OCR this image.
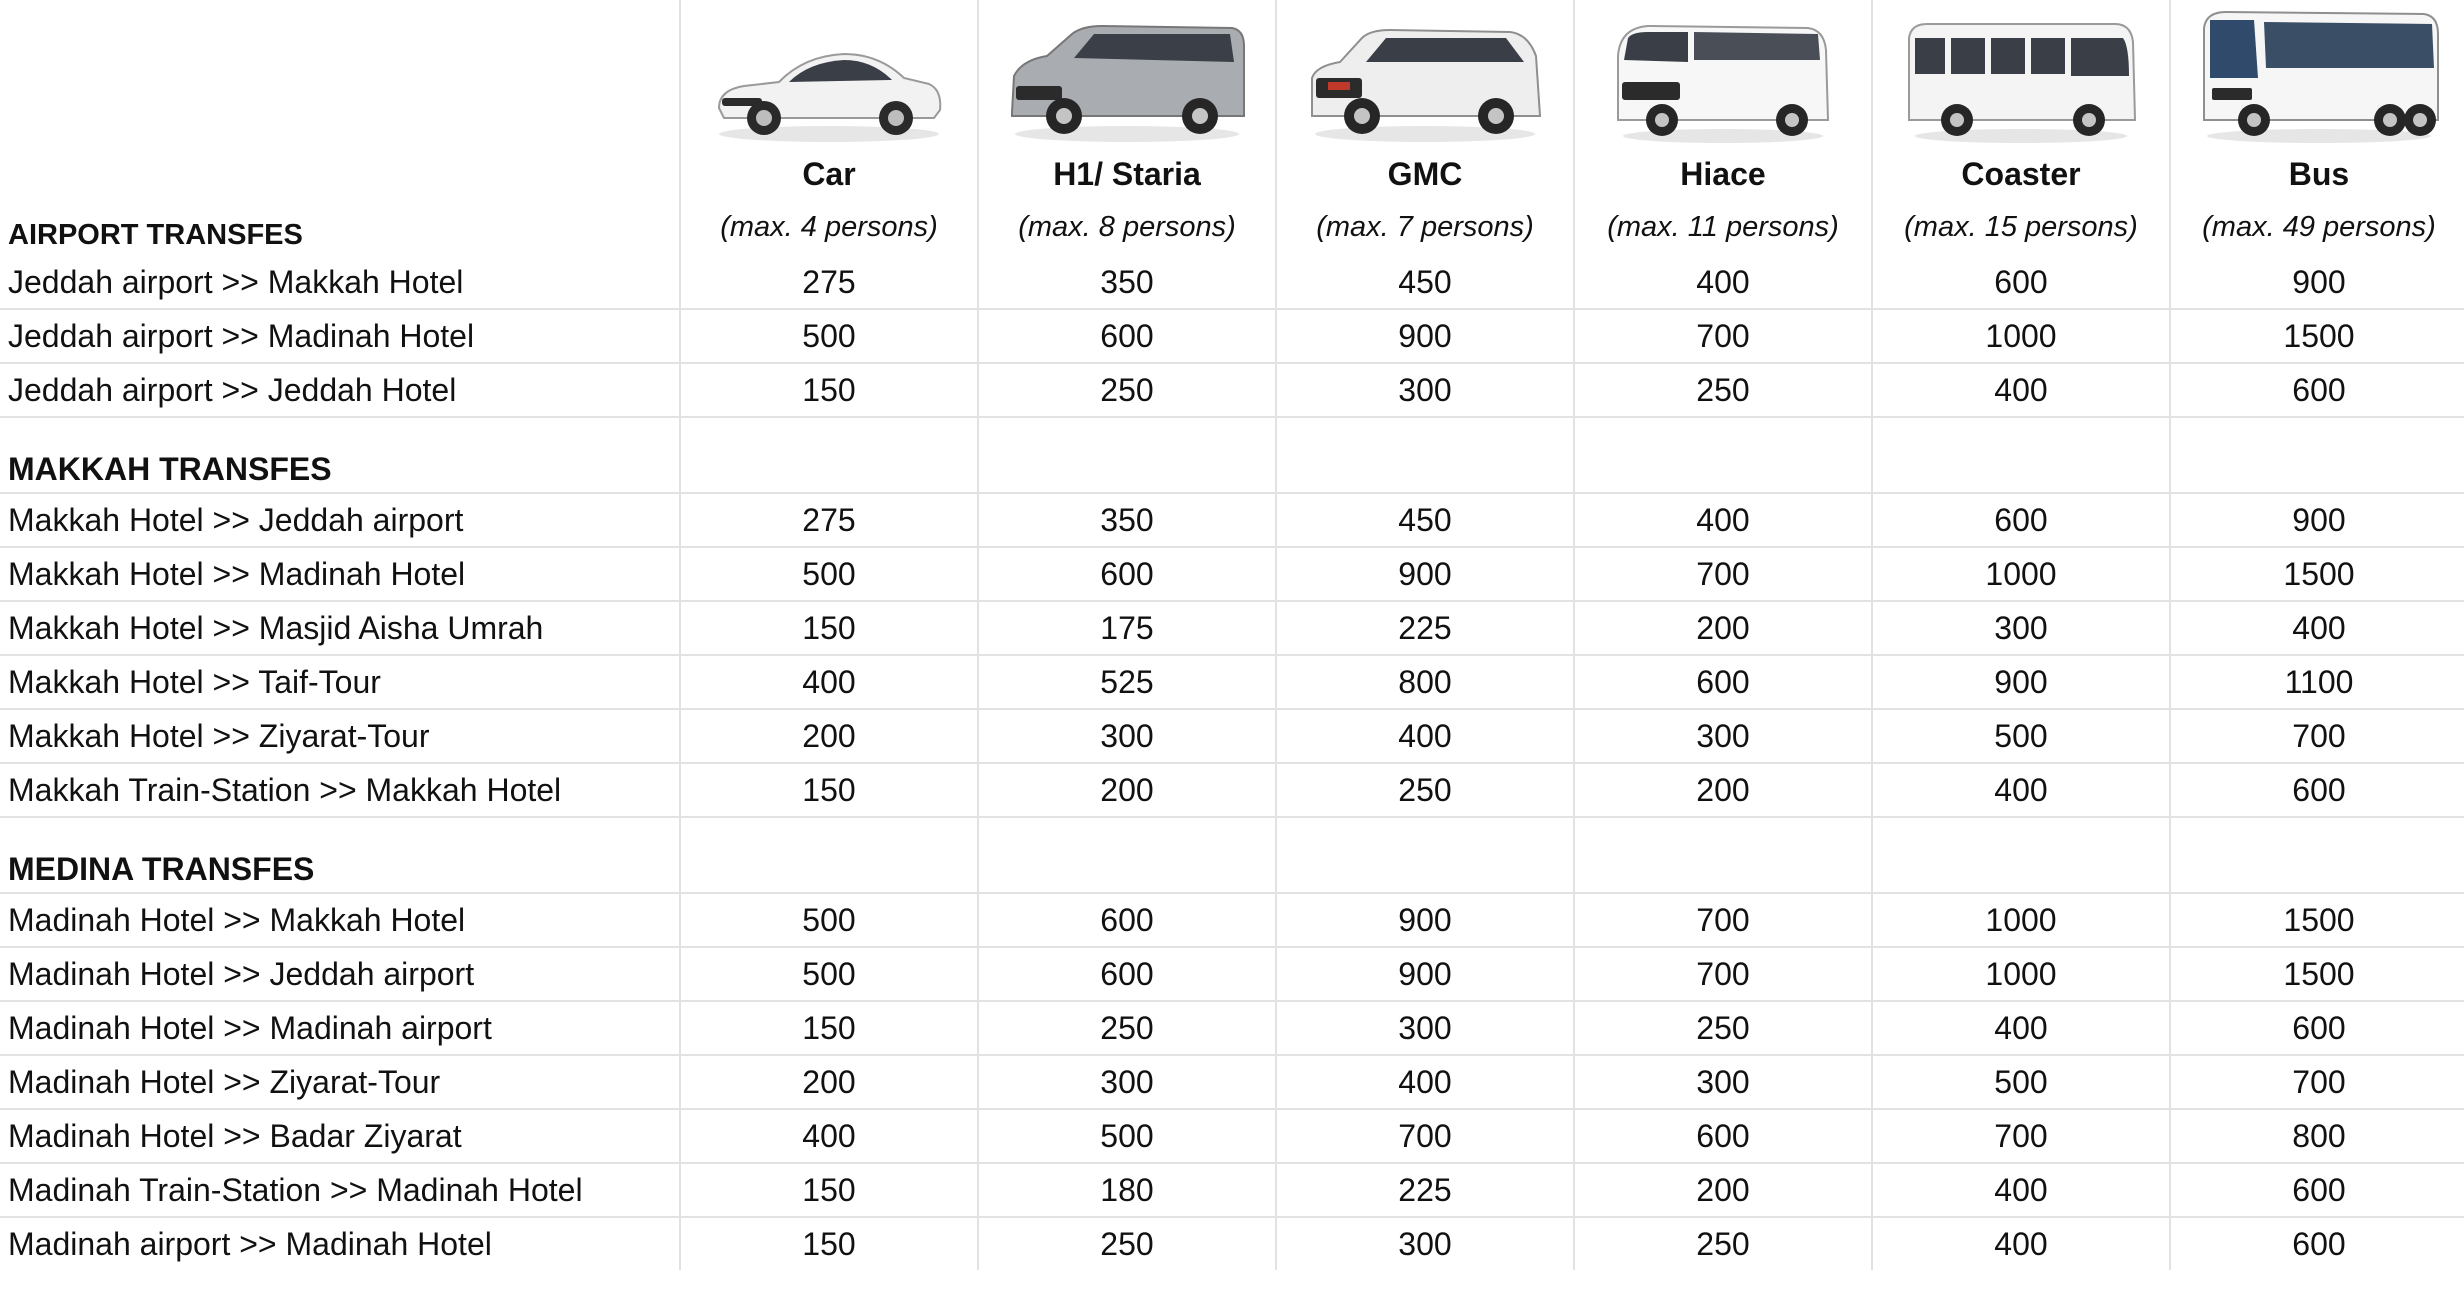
	Car	H1/ Staria	GMC	Hiace	Coaster	Bus
AIRPORT TRANSFES	(max. 4 persons)	(max. 8 persons)	(max. 7 persons)	(max. 11 persons)	(max. 15 persons)	(max. 49 persons)
Jeddah airport >> Makkah Hotel	275	350	450	400	600	900
Jeddah airport >> Madinah Hotel	500	600	900	700	1000	1500
Jeddah airport >> Jeddah Hotel	150	250	300	250	400	600
MAKKAH TRANSFES						
Makkah Hotel >> Jeddah airport	275	350	450	400	600	900
Makkah Hotel >> Madinah Hotel	500	600	900	700	1000	1500
Makkah Hotel >> Masjid Aisha Umrah	150	175	225	200	300	400
Makkah Hotel >> Taif-Tour	400	525	800	600	900	1100
Makkah Hotel >> Ziyarat-Tour	200	300	400	300	500	700
Makkah Train-Station >> Makkah Hotel	150	200	250	200	400	600
MEDINA TRANSFES						
Madinah Hotel >> Makkah Hotel	500	600	900	700	1000	1500
Madinah Hotel >> Jeddah airport	500	600	900	700	1000	1500
Madinah Hotel >> Madinah airport	150	250	300	250	400	600
Madinah Hotel >> Ziyarat-Tour	200	300	400	300	500	700
Madinah Hotel >> Badar Ziyarat	400	500	700	600	700	800
Madinah Train-Station >> Madinah Hotel	150	180	225	200	400	600
Madinah airport >> Madinah Hotel	150	250	300	250	400	600
